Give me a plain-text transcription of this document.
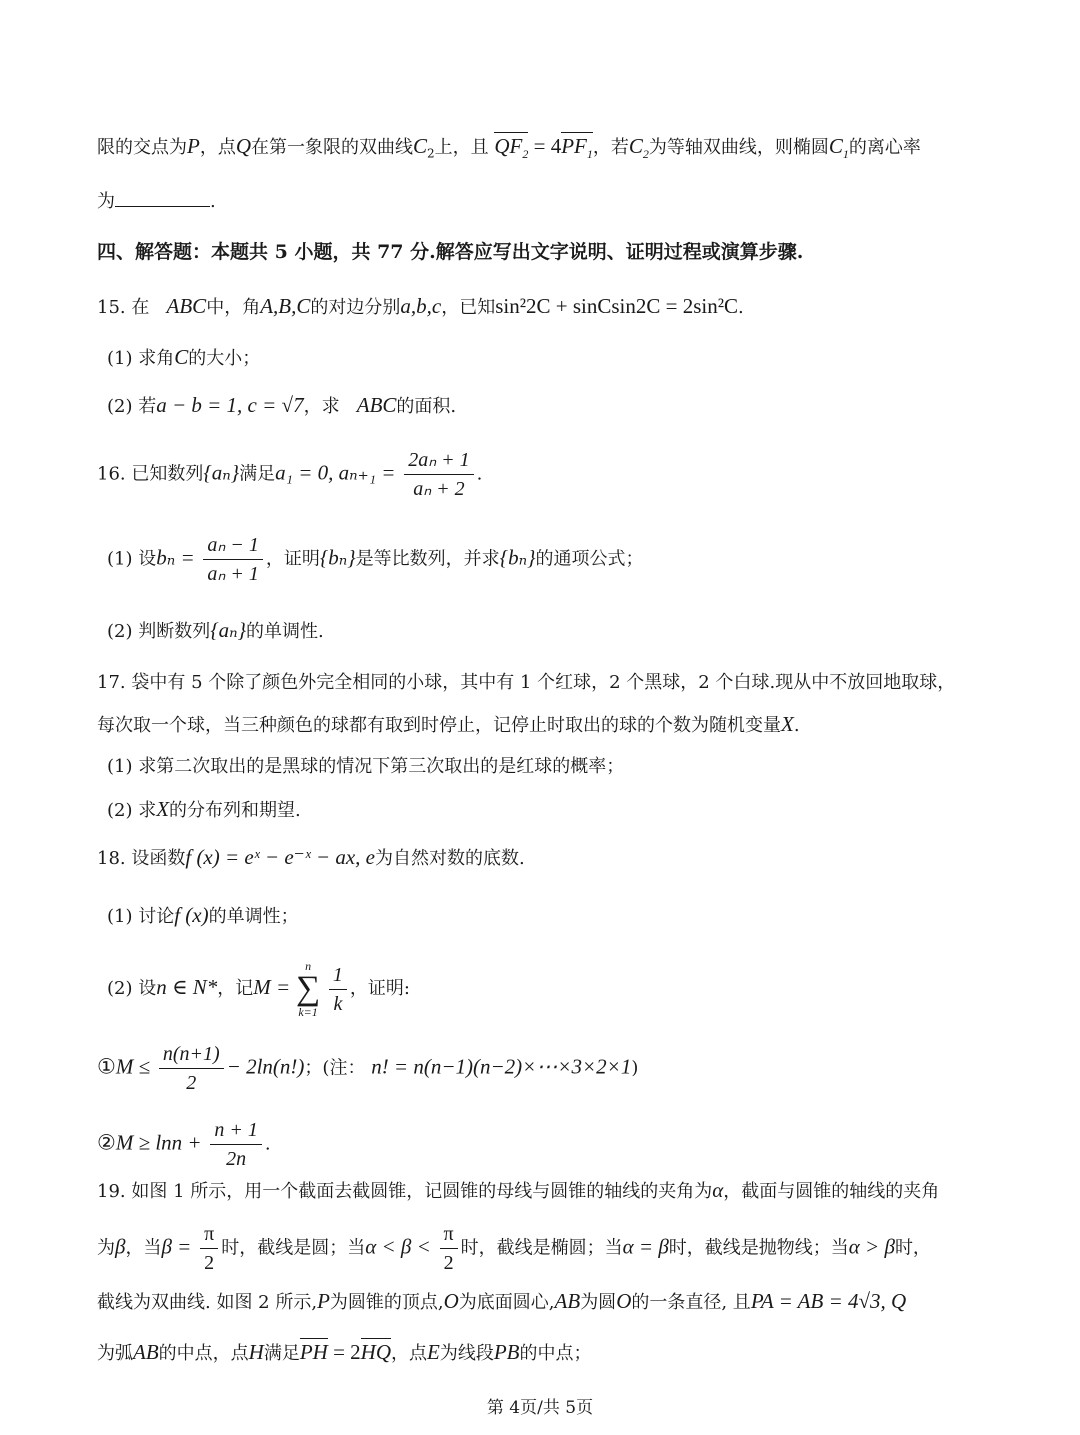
限的交点为P，点Q在第一象限的双曲线$C_2$上，且 $QF_2 = 4PF_1$，若$C_2$为等轴双曲线，则椭圆$C_1$的离心率
为	.
四、解答题：本题共 5 小题，共 77 分.解答应写出文字说明、证明过程或演算步骤.
15. 在 ABC中，角A,B,C的对边分别a,b,c，已知sin²2C + sinCsin2C = 2sin²C.
(1) 求角C的大小；
(2) 若a − b = 1, c = √7，求 ABC的面积.
16. 已知数列{aₙ}满足a₁ = 0, $a_{n+1} = \frac{\text{2aₙ + 1}}{\text{aₙ + 2}}$ .
(1) 设$b_n = \frac{\text{aₙ − 1}}{\text{aₙ + 1}}$ ，证明{bₙ}是等比数列，并求{bₙ}的通项公式；
(2) 判断数列{aₙ}的单调性.
17. 袋中有 5 个除了颜色外完全相同的小球，其中有 1 个红球，2 个黑球，2 个白球.现从中不放回地取球，
每次取一个球，当三种颜色的球都有取到时停止，记停止时取出的球的个数为随机变量X.
(1) 求第二次取出的是黑球的情况下第三次取出的是红球的概率；
(2) 求X的分布列和期望.
18. 设函数f (x) = eˣ − e⁻ˣ − ax, e为自然对数的底数.
(1) 讨论f (x)的单调性；
(2) 设n ∈ N*，记M =
n
∑
k=1
$\frac{1}{k}$ ，证明:
①M ≤ $\frac{n(n+1)}{2} - 2\ln(n!)$；(注： n! = n(n−1)(n−2)×⋯×3×2×1)
②M ≥ $\ln n + \frac{n + 1}{2n}$ .
19. 如图 1 所示，用一个截面去截圆锥，记圆锥的母线与圆锥的轴线的夹角为α，截面与圆锥的轴线的夹角
为β，当$\beta = \frac{\pi}{2}$ 时，截线是圆；当$\alpha < \beta < \frac{\pi}{2}$ 时，截线是椭圆；当α = β时，截线是抛物线；当α > β时，
截线为双曲线. 如图 2 所示,P为圆锥的顶点,O为底面圆心,AB为圆O的一条直径, 且PA = AB = 4√3, Q
为弧AB的中点，点H满足PH = 2HQ，点E为线段PB的中点；
第 4页/共 5页
